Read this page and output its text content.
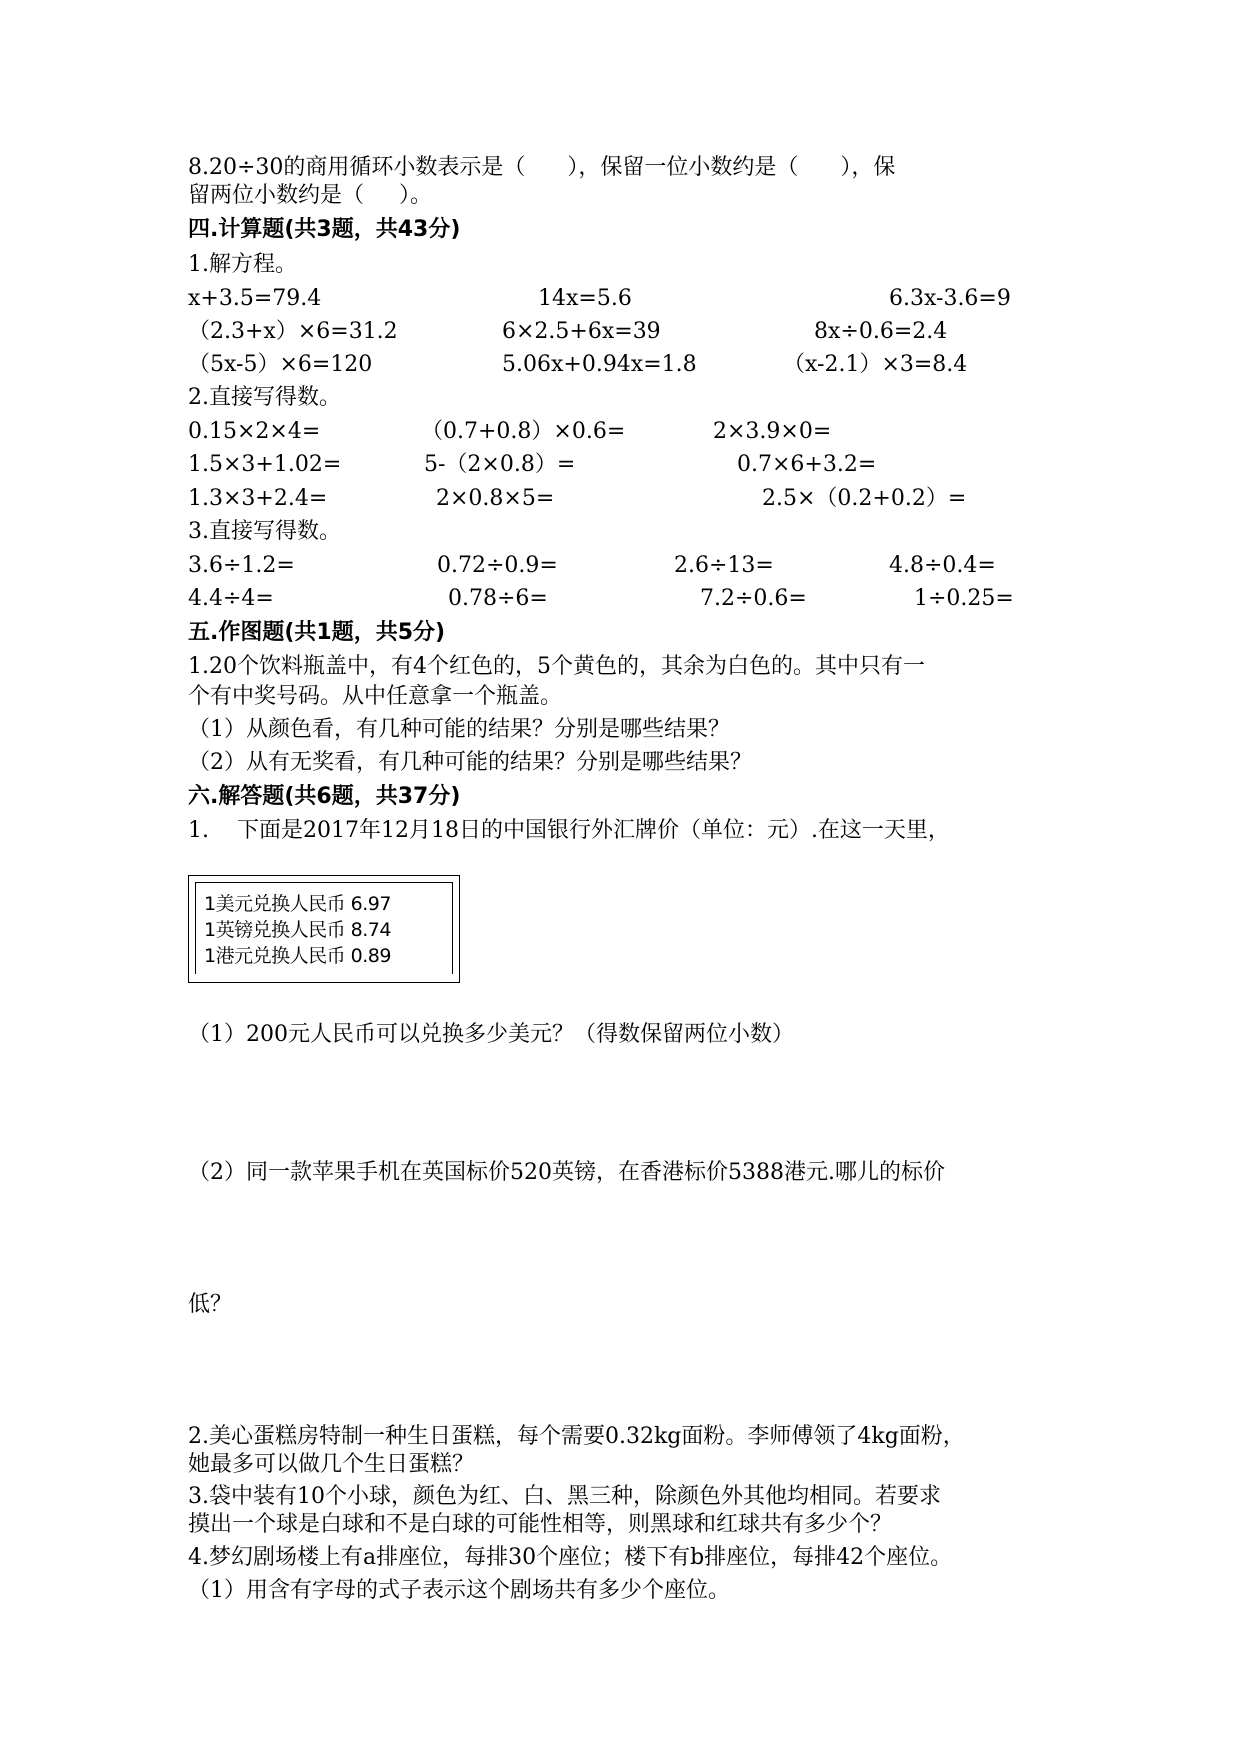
8.20÷30的商用循环小数表示是（      ），保留一位小数约是（      ），保
留两位小数约是（     ）。
四.计算题(共3题，共43分)
1.解方程。
x+3.5=79.4	14x=5.6	6.3x-3.6=9
（2.3+x）×6=31.2	6×2.5+6x=39	8x÷0.6=2.4
（5x-5）×6=120	5.06x+0.94x=1.8	（x-2.1）×3=8.4
2.直接写得数。
0.15×2×4=	（0.7+0.8）×0.6=	2×3.9×0=
1.5×3+1.02=	5-（2×0.8）=	0.7×6+3.2=
1.3×3+2.4=	2×0.8×5=	2.5×（0.2+0.2）=
3.直接写得数。
3.6÷1.2=	0.72÷0.9=	2.6÷13=	4.8÷0.4=
4.4÷4=	0.78÷6=	7.2÷0.6=	1÷0.25=
五.作图题(共1题，共5分)
1.20个饮料瓶盖中，有4个红色的，5个黄色的，其余为白色的。其中只有一
个有中奖号码。从中任意拿一个瓶盖。
（1）从颜色看，有几种可能的结果？分别是哪些结果？
（2）从有无奖看，有几种可能的结果？分别是哪些结果？
六.解答题(共6题，共37分)
1.    下面是2017年12月18日的中国银行外汇牌价（单位：元）.在这一天里，
1美元兑换人民币 6.97
1英镑兑换人民币 8.74
1港元兑换人民币 0.89
（1）200元人民币可以兑换多少美元？（得数保留两位小数）
（2）同一款苹果手机在英国标价520英镑，在香港标价5388港元.哪儿的标价
低？
2.美心蛋糕房特制一种生日蛋糕，每个需要0.32kg面粉。李师傅领了4kg面粉，
她最多可以做几个生日蛋糕？
3.袋中装有10个小球，颜色为红、白、黑三种，除颜色外其他均相同。若要求
摸出一个球是白球和不是白球的可能性相等，则黑球和红球共有多少个？
4.梦幻剧场楼上有a排座位，每排30个座位；楼下有b排座位，每排42个座位。
（1）用含有字母的式子表示这个剧场共有多少个座位。
